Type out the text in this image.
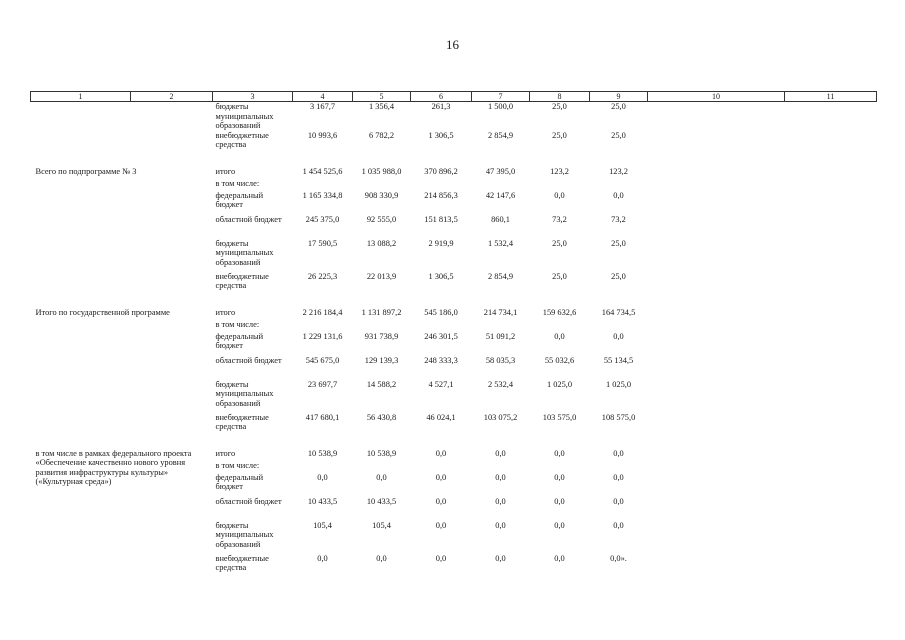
16
1	2	3	4	5	6	7	8	9	10	11
		бюджеты муниципальных образований	3 167,7	1 356,4	261,3	1 500,0	25,0	25,0		
		внебюджетные средства	10 993,6	6 782,2	1 306,5	2 854,9	25,0	25,0		

Всего по подпрограмме № 3		итого	1 454 525,6	1 035 988,0	370 896,2	47 395,0	123,2	123,2		
		в том числе:								
		федеральный бюджет	1 165 334,8	908 330,9	214 856,3	42 147,6	0,0	0,0		
		областной бюджет	245 375,0	92 555,0	151 813,5	860,1	73,2	73,2		
		бюджеты муниципальных образований	17 590,5	13 088,2	2 919,9	1 532,4	25,0	25,0		
		внебюджетные средства	26 225,3	22 013,9	1 306,5	2 854,9	25,0	25,0		

Итого по государственной программе		итого	2 216 184,4	1 131 897,2	545 186,0	214 734,1	159 632,6	164 734,5		
		в том числе:								
		федеральный бюджет	1 229 131,6	931 738,9	246 301,5	51 091,2	0,0	0,0		
		областной бюджет	545 675,0	129 139,3	248 333,3	58 035,3	55 032,6	55 134,5		
		бюджеты муниципальных образований	23 697,7	14 588,2	4 527,1	2 532,4	1 025,0	1 025,0		
		внебюджетные средства	417 680,1	56 430,8	46 024,1	103 075,2	103 575,0	108 575,0		

в том числе в рамках федерального проекта «Обеспечение качественно нового уровня развития инфраструктуры культуры» («Культурная среда»)		итого	10 538,9	10 538,9	0,0	0,0	0,0	0,0		
		в том числе:								
		федеральный бюджет	0,0	0,0	0,0	0,0	0,0	0,0		
		областной бюджет	10 433,5	10 433,5	0,0	0,0	0,0	0,0		
		бюджеты муниципальных образований	105,4	105,4	0,0	0,0	0,0	0,0		
		внебюджетные средства	0,0	0,0	0,0	0,0	0,0	0,0».		
